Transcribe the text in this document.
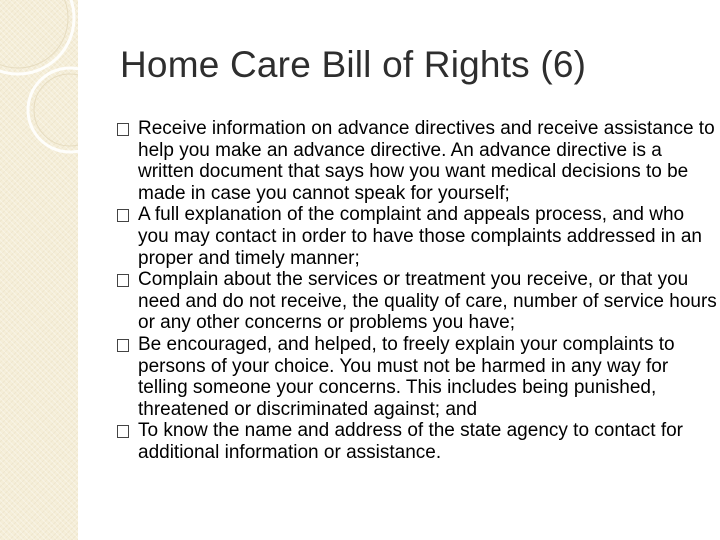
Home Care Bill of Rights (6)
Receive information on advance directives and receive assistance to help you make an advance directive. An advance directive is a written document that says how you want medical decisions to be made in case you cannot speak for yourself;
A full explanation of the complaint and appeals process, and who you may contact in order to have those complaints addressed in an proper and timely manner;
Complain about the services or treatment you receive, or that you need and do not receive, the quality of care, number of service hours or any other concerns or problems you have;
Be encouraged, and helped, to freely explain your complaints to persons of your choice. You must not be harmed in any way for telling someone your concerns. This includes being punished, threatened or discriminated against; and
To know the name and address of the state agency to contact for additional information or assistance.
